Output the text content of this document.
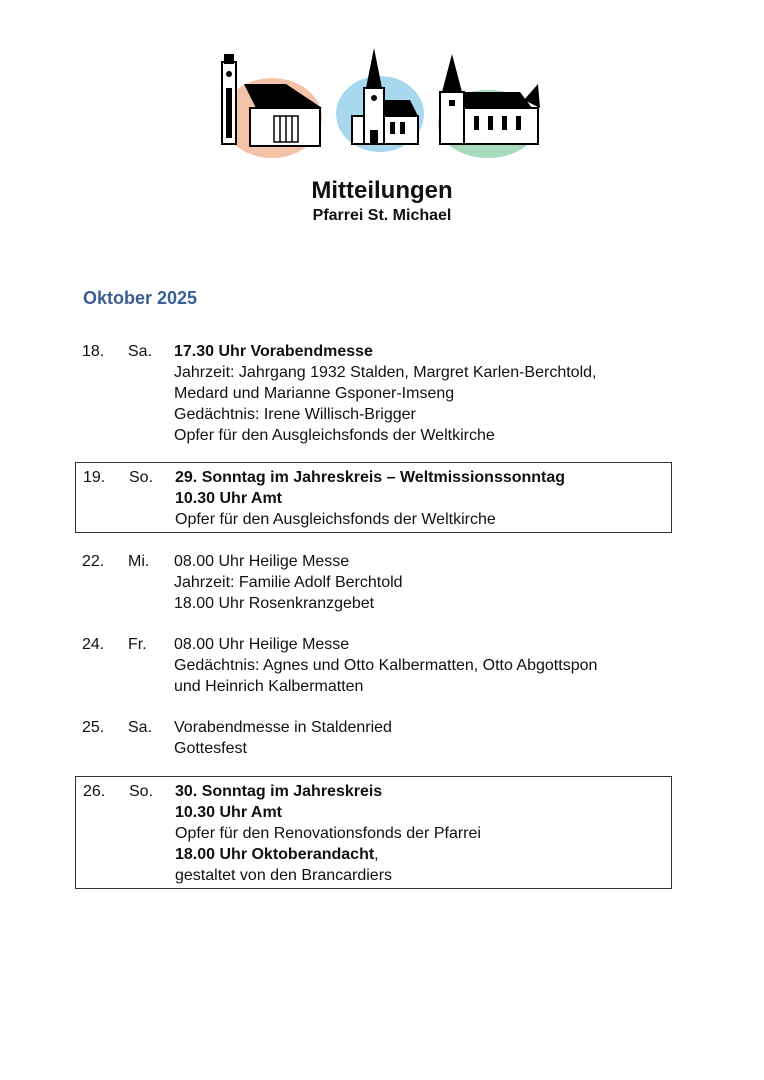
Mitteilungen
Pfarrei St. Michael
Oktober 2025
18.	Sa.	17.30 Uhr Vorabendmesse
Jahrzeit: Jahrgang 1932 Stalden, Margret Karlen-Berchtold,
Medard und Marianne Gsponer-Imseng
Gedächtnis: Irene Willisch-Brigger
Opfer für den Ausgleichsfonds der Weltkirche
19.	So.	29. Sonntag im Jahreskreis – Weltmissionssonntag
10.30 Uhr Amt
Opfer für den Ausgleichsfonds der Weltkirche
22.	Mi.	08.00 Uhr Heilige Messe
Jahrzeit: Familie Adolf Berchtold
18.00 Uhr Rosenkranzgebet
24.	Fr.	08.00 Uhr Heilige Messe
Gedächtnis: Agnes und Otto Kalbermatten, Otto Abgottspon
und Heinrich Kalbermatten
25.	Sa.	Vorabendmesse in Staldenried
Gottesfest
26.	So.	30. Sonntag im Jahreskreis
10.30 Uhr Amt
Opfer für den Renovationsfonds der Pfarrei
18.00 Uhr Oktoberandacht,
gestaltet von den Brancardiers
